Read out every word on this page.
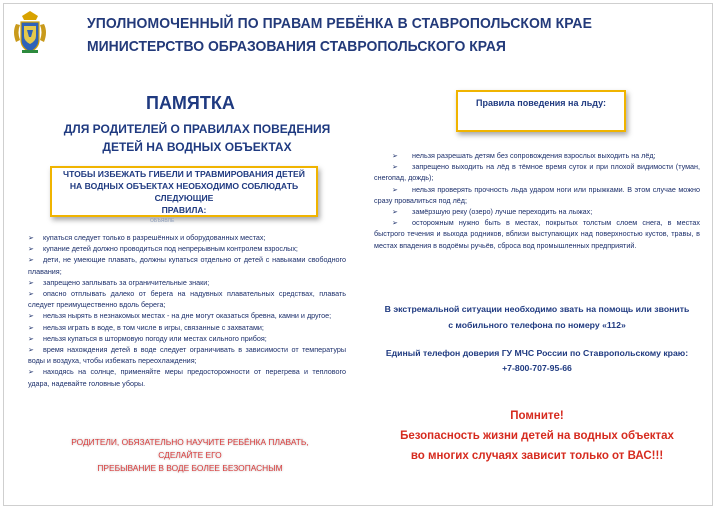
УПОЛНОМОЧЕННЫЙ ПО ПРАВАМ РЕБЁНКА В СТАВРОПОЛЬСКОМ КРАЕ
МИНИСТЕРСТВО ОБРАЗОВАНИЯ СТАВРОПОЛЬСКОГО КРАЯ
ПАМЯТКА
ДЛЯ РОДИТЕЛЕЙ О ПРАВИЛАХ ПОВЕДЕНИЯ
ДЕТЕЙ НА ВОДНЫХ ОБЪЕКТАХ
ЧТОБЫ ИЗБЕЖАТЬ ГИБЕЛИ И ТРАВМИРОВАНИЯ ДЕТЕЙ
НА ВОДНЫХ ОБЪЕКТАХ НЕОБХОДИМО СОБЛЮДАТЬ СЛЕДУЮЩИЕ
ПРАВИЛА:
ОБЪЯВЛЕ

➢ купаться следует только в разрешённых и оборудованных местах;

➢ купание детей должно проводиться под непрерывным контролем взрослых;

➢ дети, не умеющие плавать, должны купаться отдельно от детей с навыками свободного плавания;

➢ запрещено заплывать за ограничительные знаки;

➢ опасно отплывать далеко от берега на надувных плавательных средствах, плавать следует преимущественно вдоль берега;

➢ нельзя нырять в незнакомых местах - на дне могут оказаться бревна, камни и другое;

➢ нельзя играть в воде, в том числе в игры, связанные с захватами;

➢ нельзя купаться в штормовую погоду или местах сильного прибоя;

➢ время нахождения детей в воде следует ограничивать в зависимости от температуры воды и воздуха, чтобы избежать переохлаждения;

➢ находясь на солнце, применяйте меры предосторожности от перегрева и теплового удара, надевайте головные уборы.

РОДИТЕЛИ, ОБЯЗАТЕЛЬНО НАУЧИТЕ РЕБЁНКА ПЛАВАТЬ, СДЕЛАЙТЕ ЕГО
ПРЕБЫВАНИЕ В ВОДЕ БОЛЕЕ БЕЗОПАСНЫМ
Правила поведения на льду:

➢ нельзя разрешать детям без сопровождения взрослых выходить на лёд;

➢ запрещено выходить на лёд в тёмное время суток и при плохой видимости (туман, снегопад, дождь);

➢ нельзя проверять прочность льда ударом ноги или прыжками. В этом случае можно сразу провалиться под лёд;

➢ замёрзшую реку (озеро) лучше переходить на лыжах;

➢ осторожным нужно быть в местах, покрытых толстым слоем снега, в местах быстрого течения и выхода родников, вблизи выступающих над поверхностью кустов, травы, в местах впадения в водоёмы ручьёв, сброса вод промышленных предприятий.

В экстремальной ситуации необходимо звать на помощь или звонить
с мобильного телефона по номеру «112»
Единый телефон доверия ГУ МЧС России по Ставропольскому краю:
+7-800-707-95-66
Помните!
Безопасность жизни детей на водных объектах
во многих случаях зависит только от ВАС!!!
